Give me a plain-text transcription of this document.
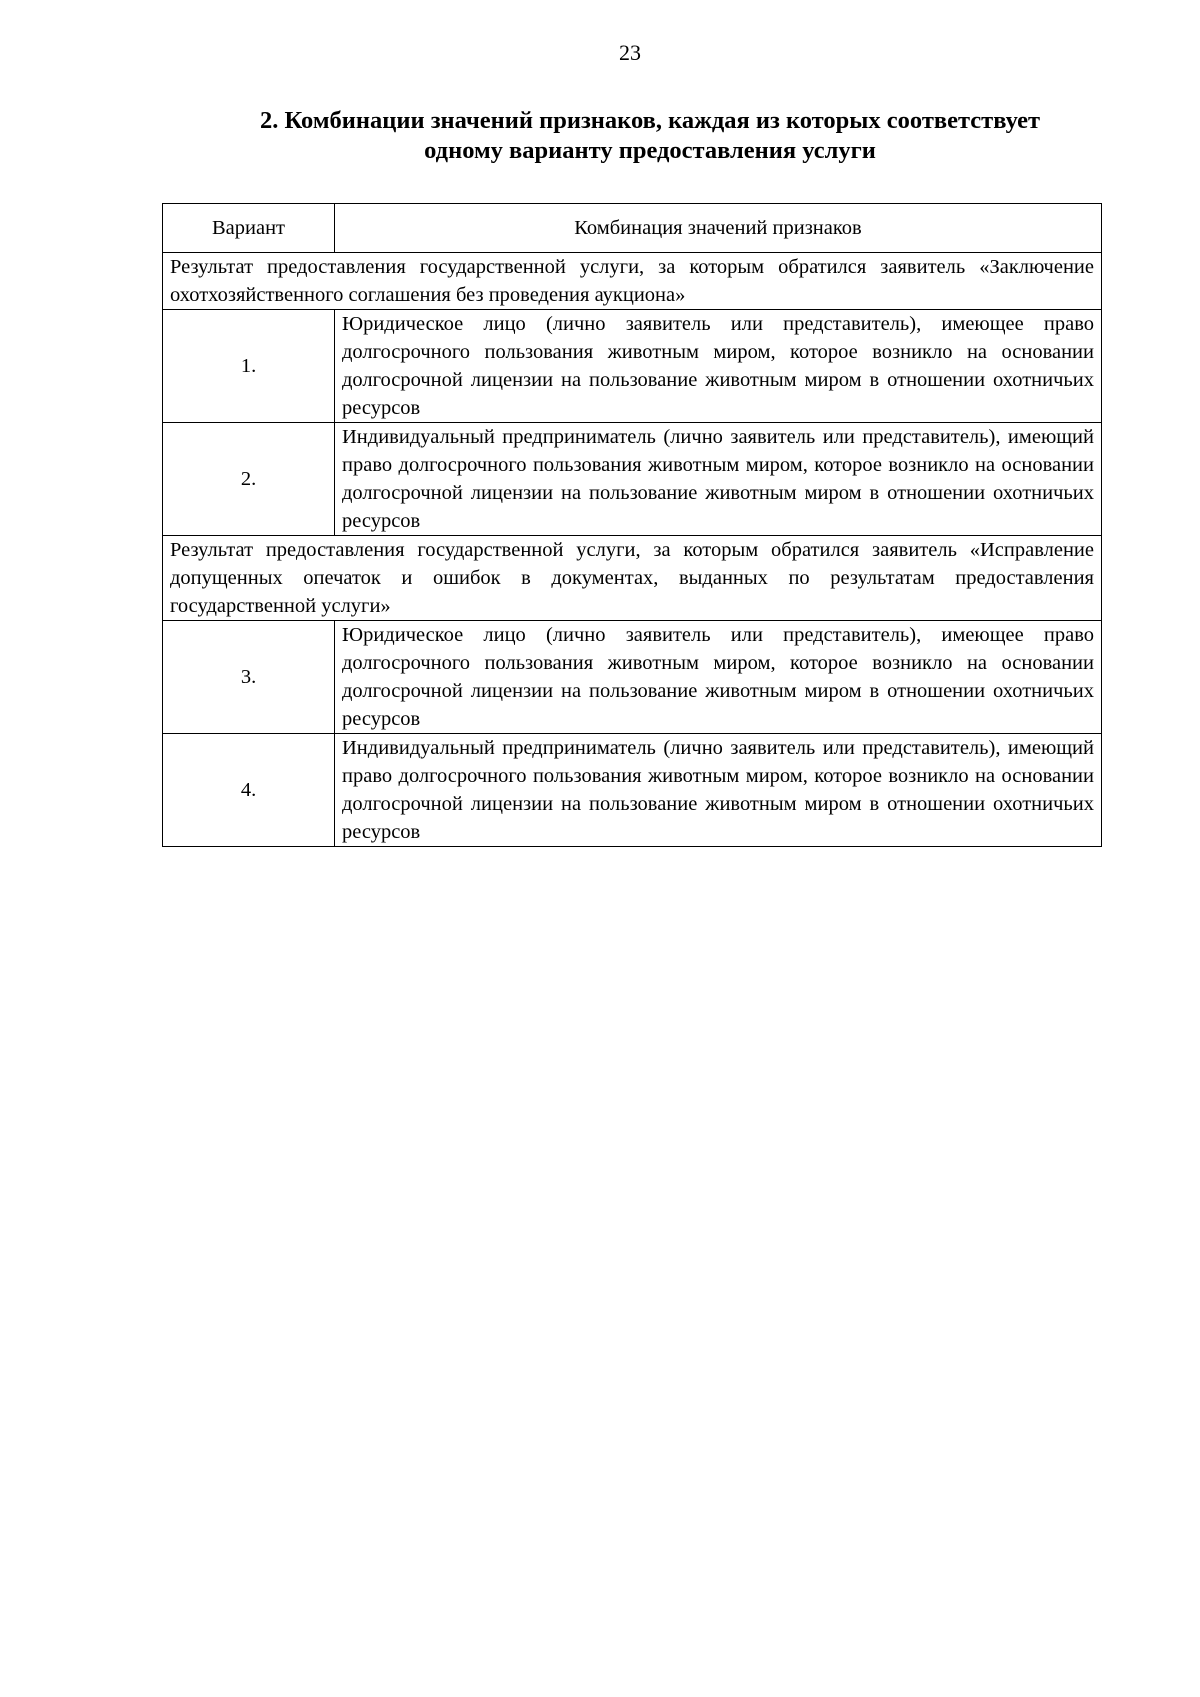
23
2. Комбинации значений признаков, каждая из которых соответствует
одному варианту предоставления услуги
Вариант	Комбинация значений признаков
Результат предоставления государственной услуги, за которым обратился заявитель «Заключение охотхозяйственного соглашения без проведения аукциона»	
1.	Юридическое лицо (лично заявитель или представитель), имеющее право долгосрочного пользования животным миром, которое возникло на основании долгосрочной лицензии на пользование животным миром в отношении охотничьих ресурсов
2.	Индивидуальный предприниматель (лично заявитель или представитель), имеющий право долгосрочного пользования животным миром, которое возникло на основании долгосрочной лицензии на пользование животным миром в отношении охотничьих ресурсов
Результат предоставления государственной услуги, за которым обратился заявитель «Исправление допущенных опечаток и ошибок в документах, выданных по результатам предоставления государственной услуги»	
3.	Юридическое лицо (лично заявитель или представитель), имеющее право долгосрочного пользования животным миром, которое возникло на основании долгосрочной лицензии на пользование животным миром в отношении охотничьих ресурсов
4.	Индивидуальный предприниматель (лично заявитель или представитель), имеющий право долгосрочного пользования животным миром, которое возникло на основании долгосрочной лицензии на пользование животным миром в отношении охотничьих ресурсов
